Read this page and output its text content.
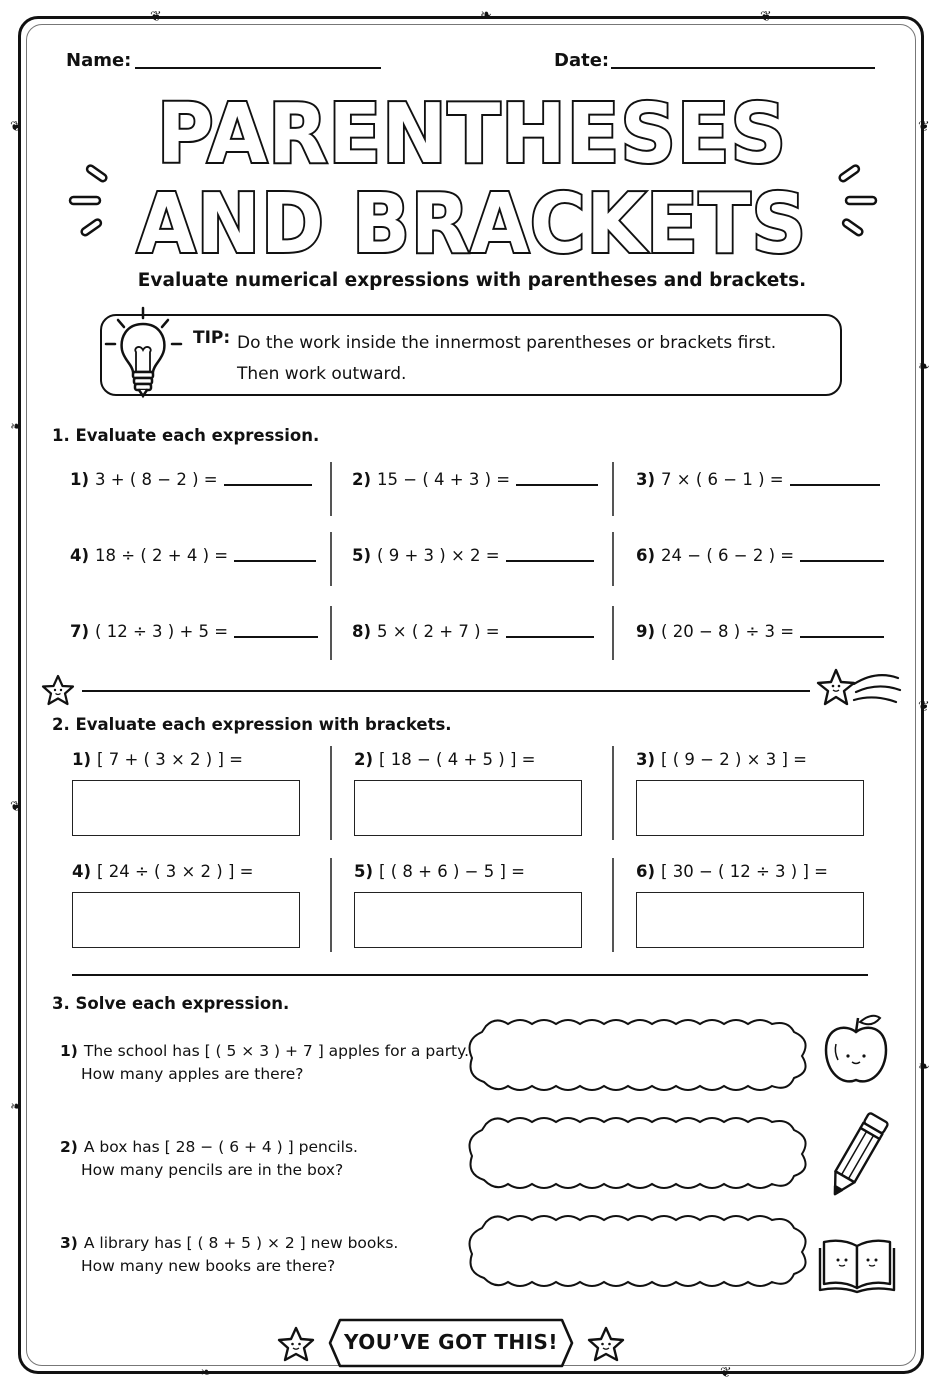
❦
❧
❦
❧
❦
❧
❦
❧
❦	❧	❦
❧	❦
Name:	Date:
PARENTHESES
AND BRACKETS
Evaluate numerical expressions with parentheses and brackets.
TIP: Do the work inside the innermost parentheses or brackets first.
Then work outward.
1. Evaluate each expression.
1) 3 + ( 8 − 2 ) =	2) 15 − ( 4 + 3 ) =	3) 7 × ( 6 − 1 ) =
4) 18 ÷ ( 2 + 4 ) =	5) ( 9 + 3 ) × 2 =	6) 24 − ( 6 − 2 ) =
7) ( 12 ÷ 3 ) + 5 =	8) 5 × ( 2 + 7 ) =	9) ( 20 − 8 ) ÷ 3 =
2. Evaluate each expression with brackets.
1) [ 7 + ( 3 × 2 ) ] =	2) [ 18 − ( 4 + 5 ) ] =	3) [ ( 9 − 2 ) × 3 ] =
4) [ 24 ÷ ( 3 × 2 ) ] =	5) [ ( 8 + 6 ) − 5 ] =	6) [ 30 − ( 12 ÷ 3 ) ] =
3. Solve each expression.
1) The school has [ ( 5 × 3 ) + 7 ] apples for a party.
How many apples are there?
2) A box has [ 28 − ( 6 + 4 ) ] pencils.
How many pencils are in the box?
3) A library has [ ( 8 + 5 ) × 2 ] new books.
How many new books are there?
YOU’VE GOT THIS!
